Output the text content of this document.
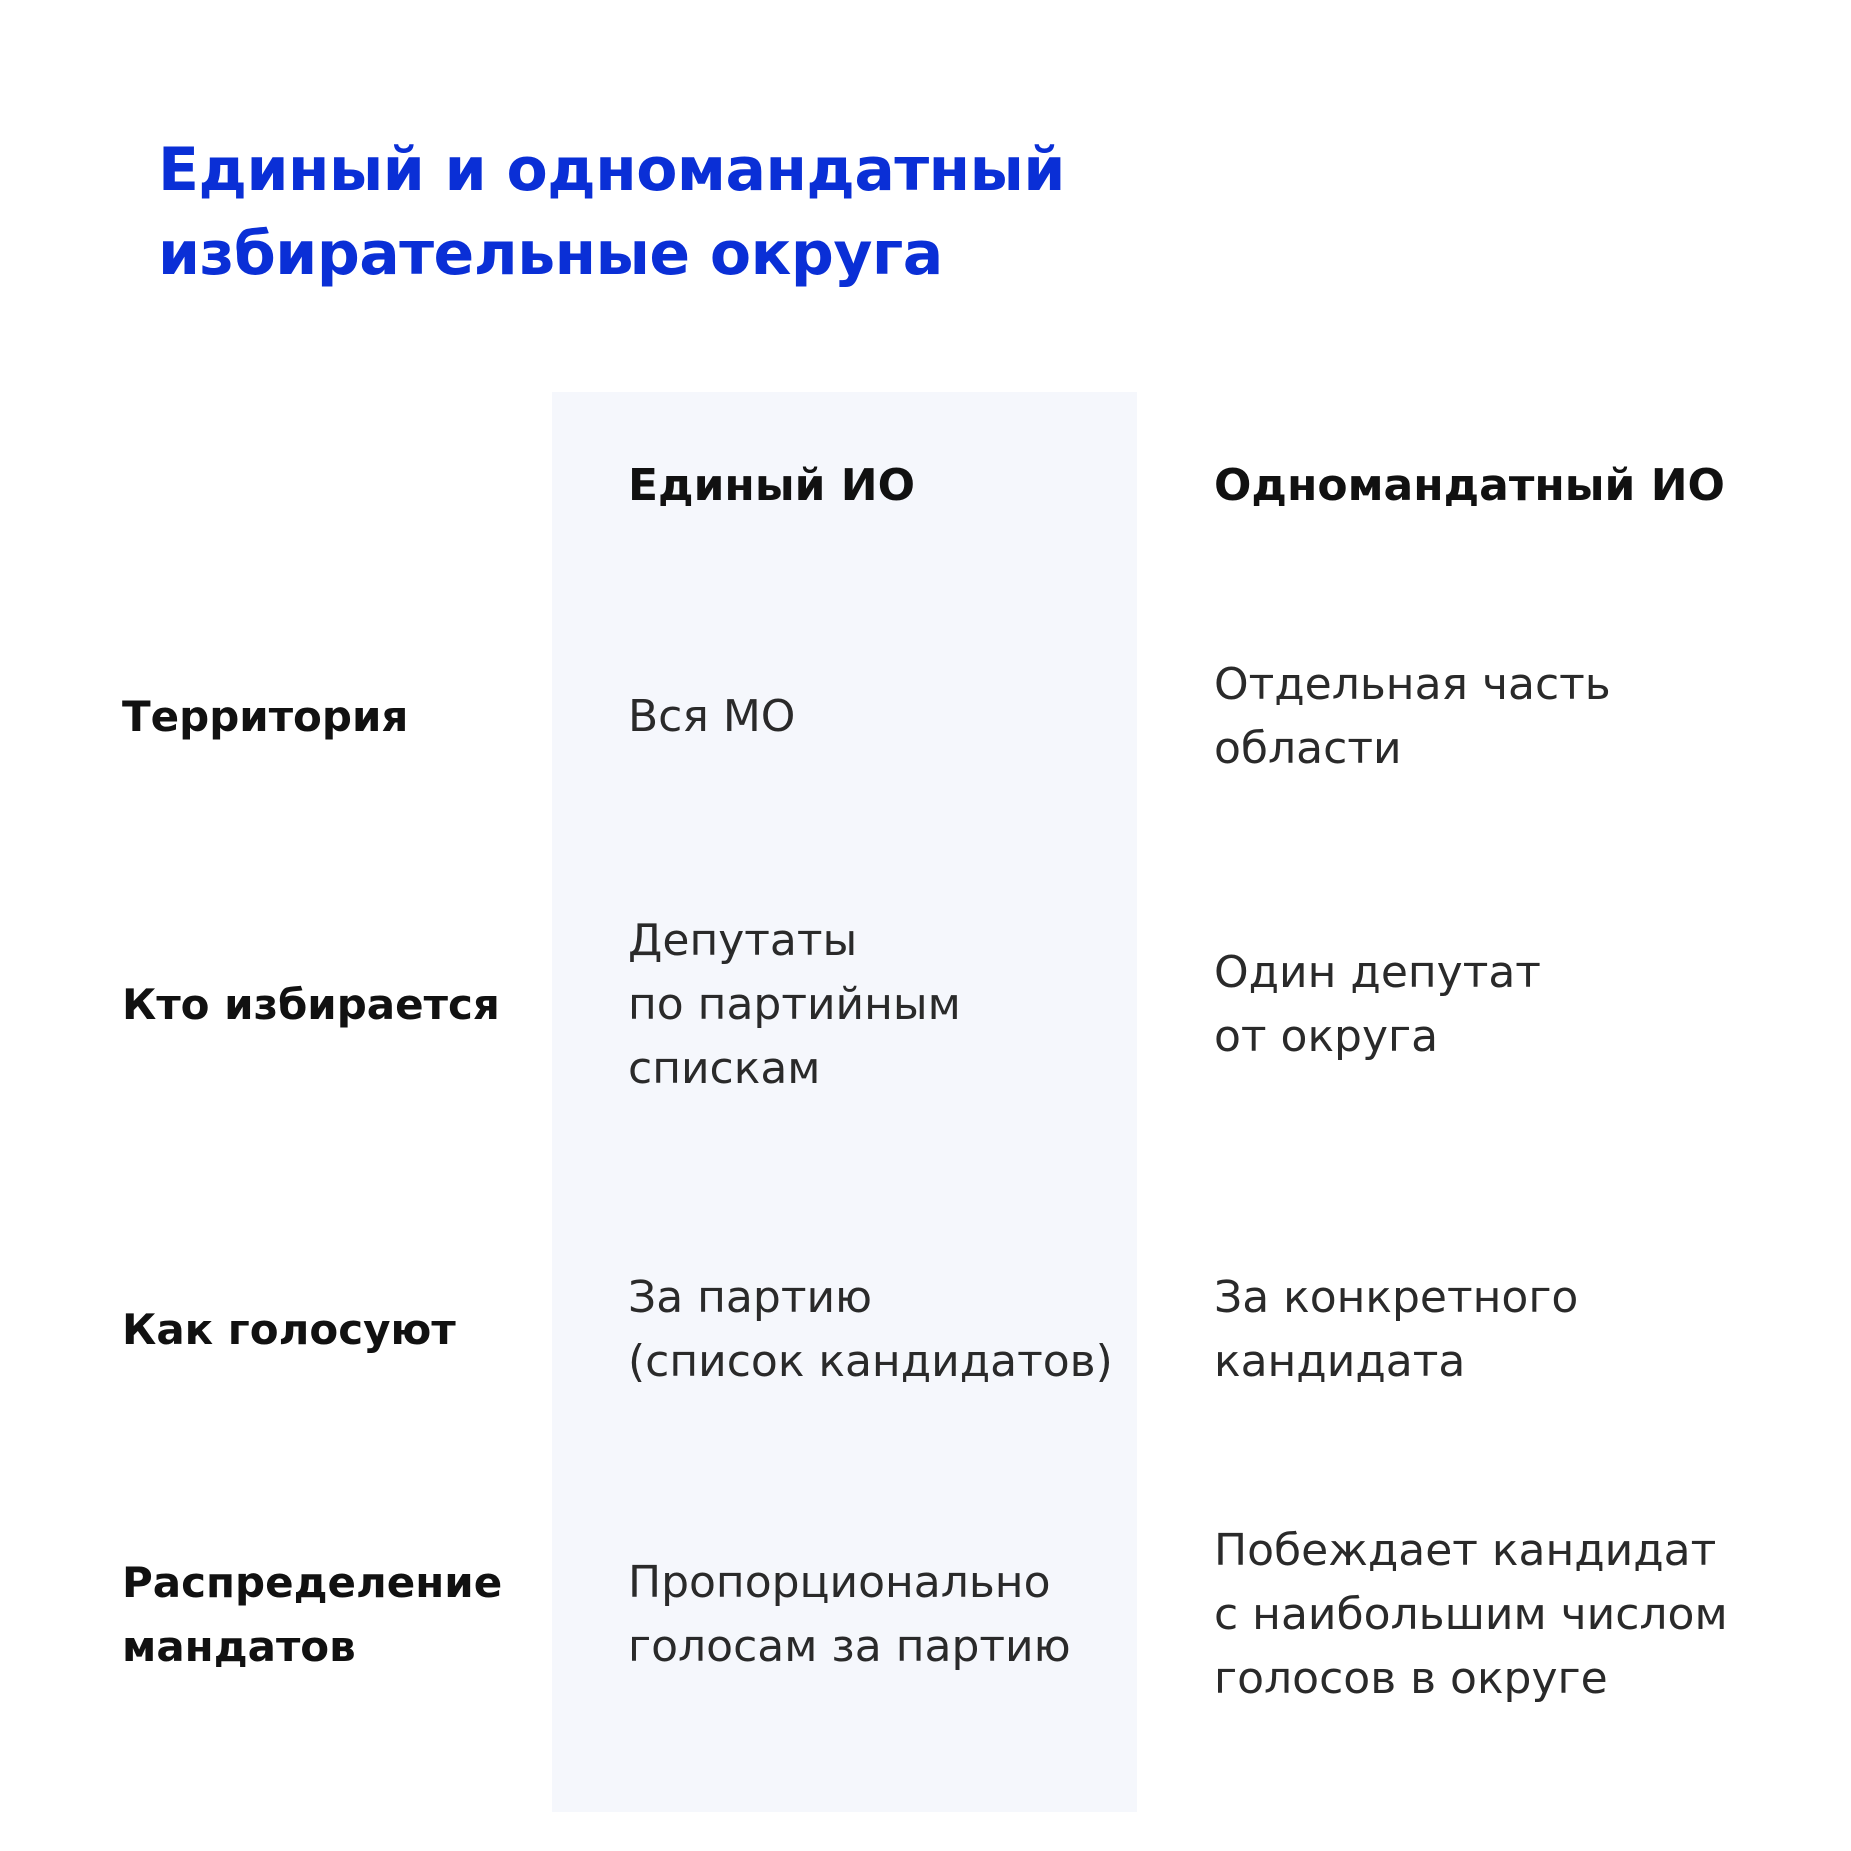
Единый и одномандатный
избирательные округа
Единый ИО	Одномандатный ИО
Территория	Вся МО
Отдельная часть
области
Кто избирается
Депутаты
по партийным
спискам
Один депутат
от округа
Как голосуют
За партию
(список кандидатов)
За конкретного
кандидата
Распределение
мандатов
Пропорционально
голосам за партию
Побеждает кандидат
с наибольшим числом
голосов в округе
